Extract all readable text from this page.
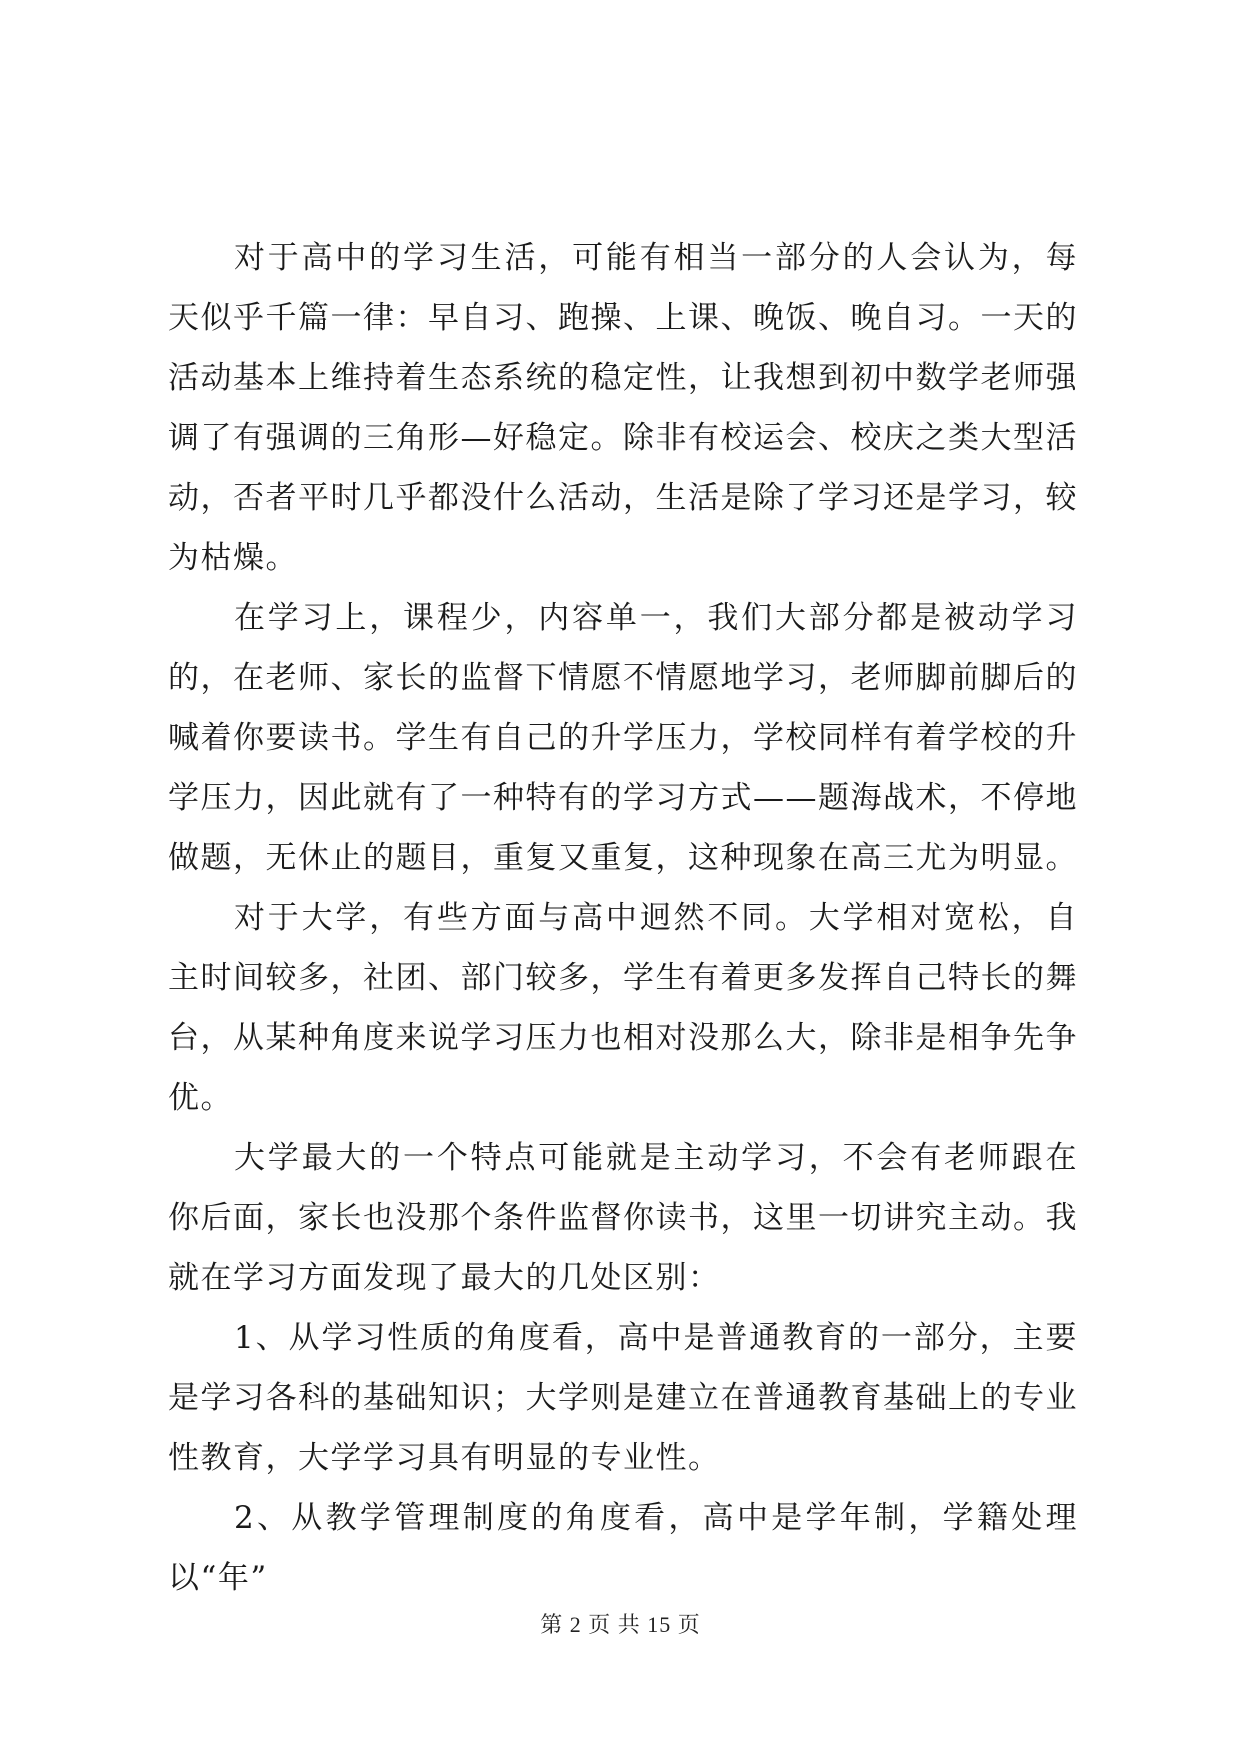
对于高中的学习生活，可能有相当一部分的人会认为，每天似乎千篇一律：早自习、跑操、上课、晚饭、晚自习。一天的活动基本上维持着生态系统的稳定性，让我想到初中数学老师强调了有强调的三角形—好稳定。除非有校运会、校庆之类大型活动，否者平时几乎都没什么活动，生活是除了学习还是学习，较为枯燥。

在学习上，课程少，内容单一，我们大部分都是被动学习的，在老师、家长的监督下情愿不情愿地学习，老师脚前脚后的喊着你要读书。学生有自己的升学压力，学校同样有着学校的升学压力，因此就有了一种特有的学习方式——题海战术，不停地做题，无休止的题目，重复又重复，这种现象在高三尤为明显。

对于大学，有些方面与高中迥然不同。大学相对宽松，自主时间较多，社团、部门较多，学生有着更多发挥自己特长的舞台，从某种角度来说学习压力也相对没那么大，除非是相争先争优。

大学最大的一个特点可能就是主动学习，不会有老师跟在你后面，家长也没那个条件监督你读书，这里一切讲究主动。我就在学习方面发现了最大的几处区别：

1、从学习性质的角度看，高中是普通教育的一部分，主要是学习各科的基础知识；大学则是建立在普通教育基础上的专业性教育，大学学习具有明显的专业性。

2、从教学管理制度的角度看，高中是学年制，学籍处理以“年”

第 2 页 共 15 页
